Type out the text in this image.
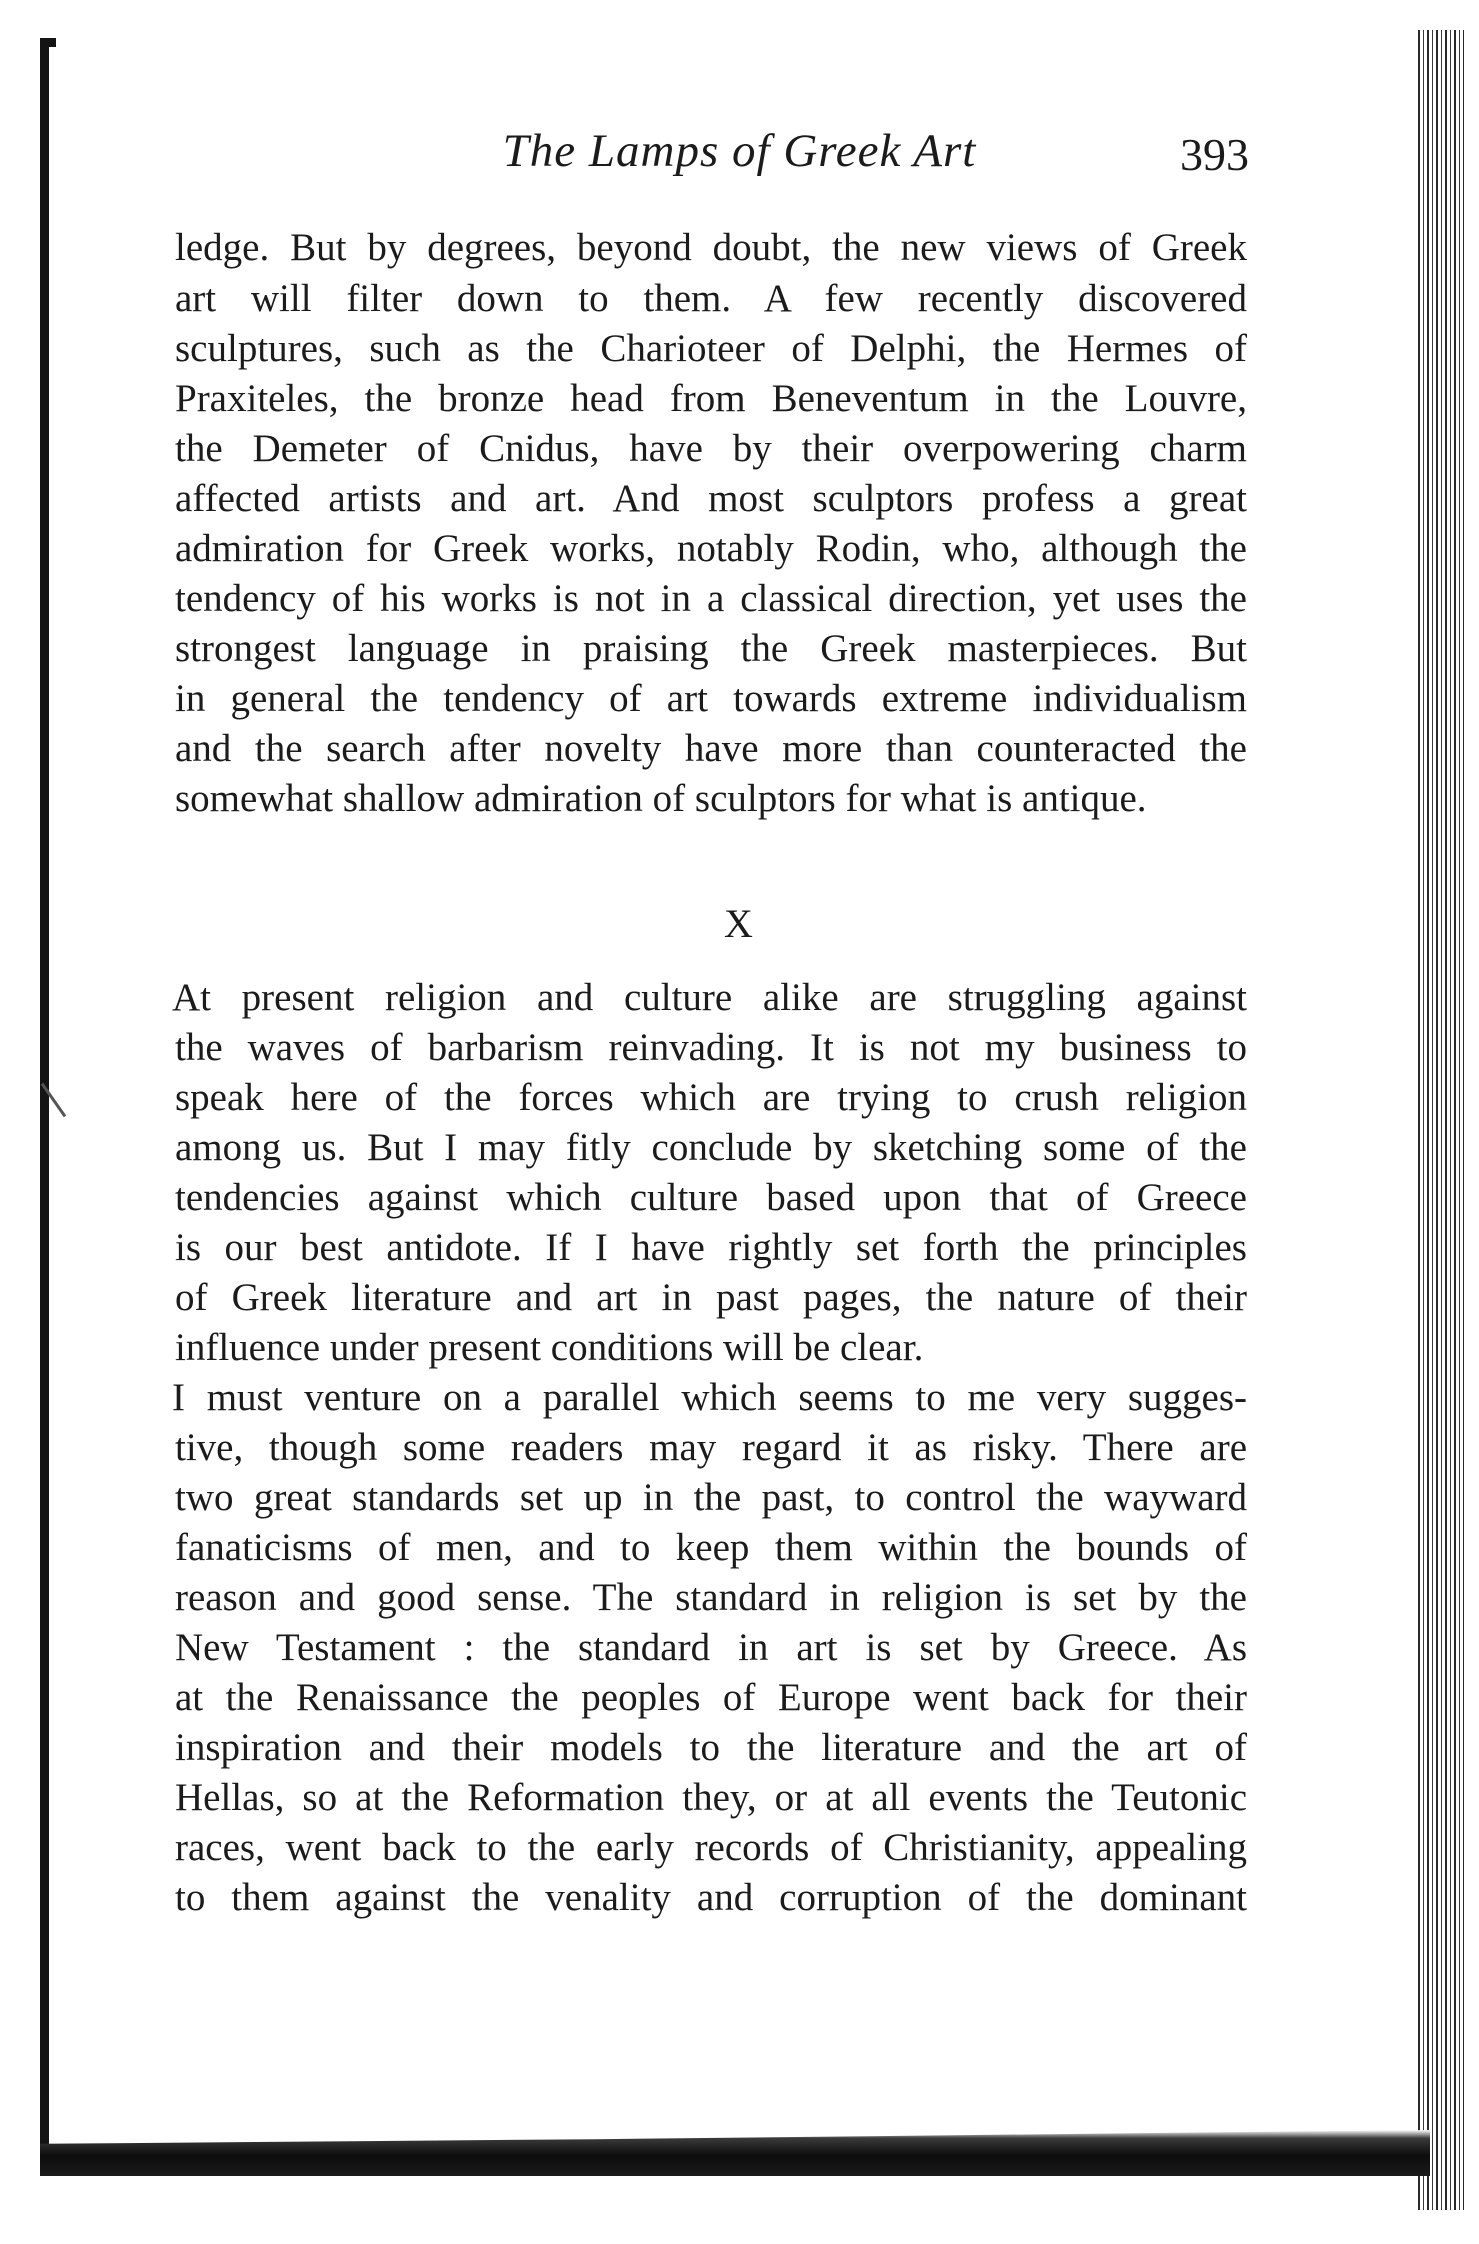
The Lamps of Greek Art	393
ledge. But by degrees, beyond doubt, the new views of Greek
art will filter down to them. A few recently discovered
sculptures, such as the Charioteer of Delphi, the Hermes of
Praxiteles, the bronze head from Beneventum in the Louvre,
the Demeter of Cnidus, have by their overpowering charm
affected artists and art. And most sculptors profess a great
admiration for Greek works, notably Rodin, who, although the
tendency of his works is not in a classical direction, yet uses the
strongest language in praising the Greek masterpieces. But
in general the tendency of art towards extreme individualism
and the search after novelty have more than counteracted the
somewhat shallow admiration of sculptors for what is antique.
X
At present religion and culture alike are struggling against
the waves of barbarism reinvading. It is not my business to
speak here of the forces which are trying to crush religion
among us. But I may fitly conclude by sketching some of the
tendencies against which culture based upon that of Greece
is our best antidote. If I have rightly set forth the principles
of Greek literature and art in past pages, the nature of their
influence under present conditions will be clear.
I must venture on a parallel which seems to me very sugges-
tive, though some readers may regard it as risky. There are
two great standards set up in the past, to control the wayward
fanaticisms of men, and to keep them within the bounds of
reason and good sense. The standard in religion is set by the
New Testament : the standard in art is set by Greece. As
at the Renaissance the peoples of Europe went back for their
inspiration and their models to the literature and the art of
Hellas, so at the Reformation they, or at all events the Teutonic
races, went back to the early records of Christianity, appealing
to them against the venality and corruption of the dominant
